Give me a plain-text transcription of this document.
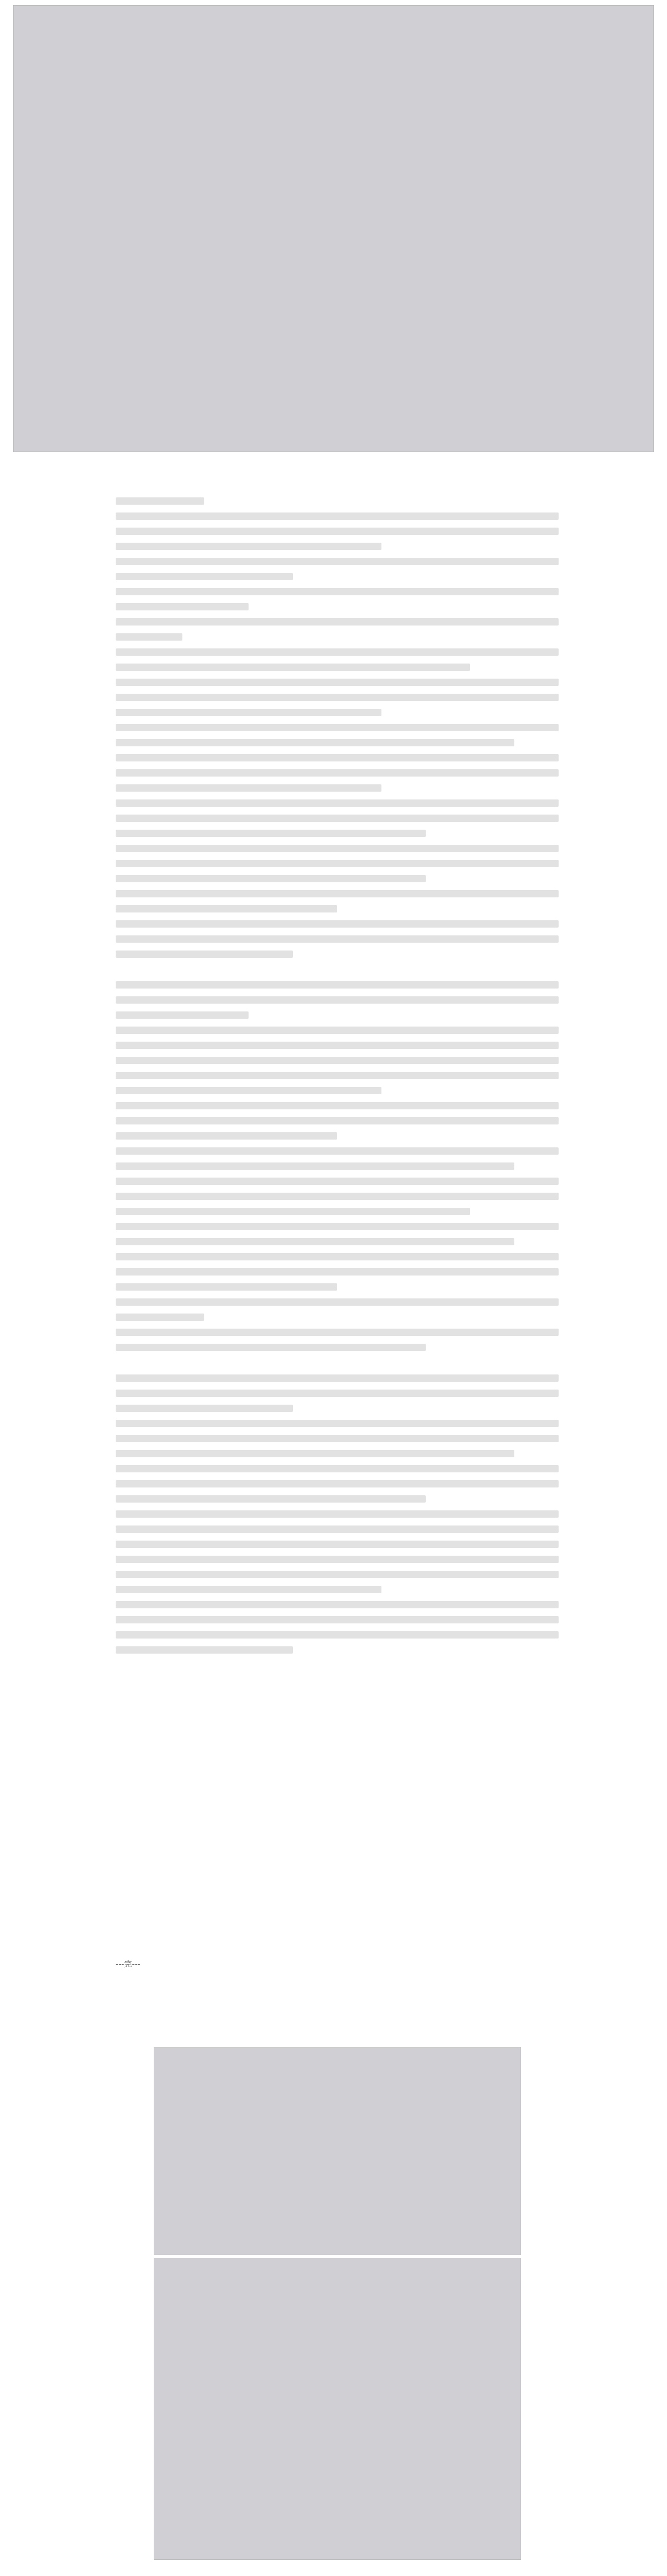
---完---
